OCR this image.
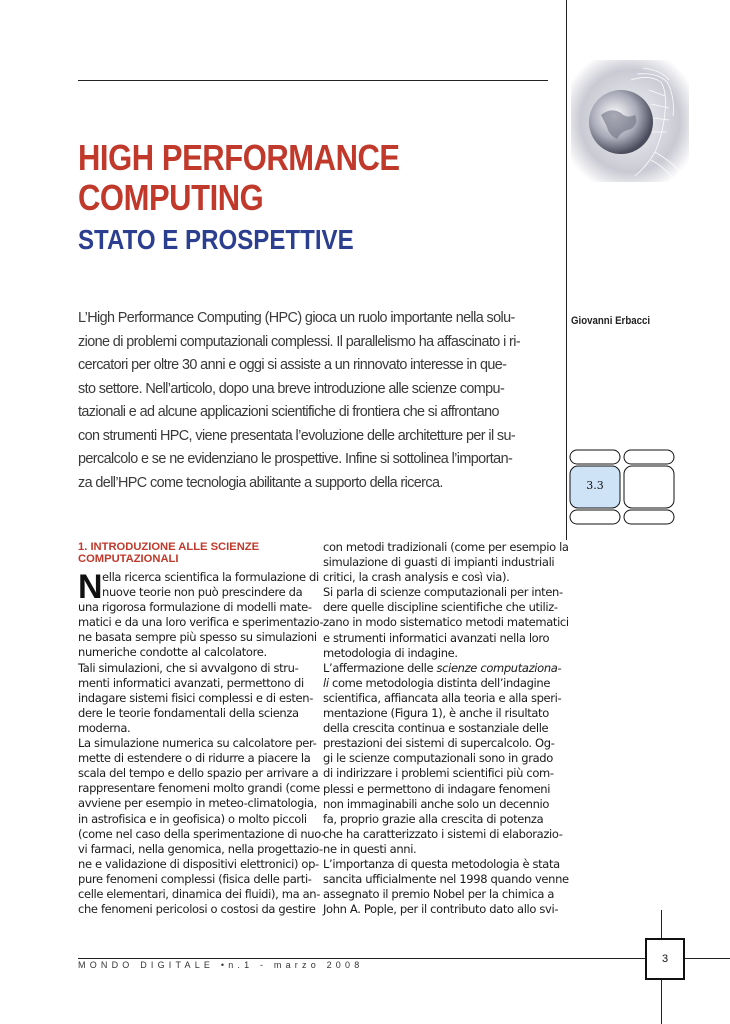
HIGH PERFORMANCE
COMPUTING
STATO E PROSPETTIVE
L’High Performance Computing (HPC) gioca un ruolo importante nella solu-
zione di problemi computazionali complessi. Il parallelismo ha affascinato i ri-
cercatori per oltre 30 anni e oggi si assiste a un rinnovato interesse in que-
sto settore. Nell’articolo, dopo una breve introduzione alle scienze compu-
tazionali e ad alcune applicazioni scientifiche di frontiera che si affrontano
con strumenti HPC, viene presentata l’evoluzione delle architetture per il su-
percalcolo e se ne evidenziano le prospettive. Infine si sottolinea l’importan-
za dell’HPC come tecnologia abilitante a supporto della ricerca.
Giovanni Erbacci
3.3
1. INTRODUZIONE ALLE SCIENZE
COMPUTAZIONALI
N ella ricerca scientifica la formulazione di
nuove teorie non può prescindere da
una rigorosa formulazione di modelli mate-
matici e da una loro verifica e sperimentazio-
ne basata sempre più spesso su simulazioni
numeriche condotte al calcolatore.
Tali simulazioni, che si avvalgono di stru-
menti informatici avanzati, permettono di
indagare sistemi fisici complessi e di esten-
dere le teorie fondamentali della scienza
moderna.
La simulazione numerica su calcolatore per-
mette di estendere o di ridurre a piacere la
scala del tempo e dello spazio per arrivare a
rappresentare fenomeni molto grandi (come
avviene per esempio in meteo-climatologia,
in astrofisica e in geofisica) o molto piccoli
(come nel caso della sperimentazione di nuo-
vi farmaci, nella genomica, nella progettazio-
ne e validazione di dispositivi elettronici) op-
pure fenomeni complessi (fisica delle parti-
celle elementari, dinamica dei fluidi), ma an-
che fenomeni pericolosi o costosi da gestire
con metodi tradizionali (come per esempio la
simulazione di guasti di impianti industriali
critici, la crash analysis e così via).
Si parla di scienze computazionali per inten-
dere quelle discipline scientifiche che utiliz-
zano in modo sistematico metodi matematici
e strumenti informatici avanzati nella loro
metodologia di indagine.
L’affermazione delle scienze computaziona-
li come metodologia distinta dell’indagine
scientifica, affiancata alla teoria e alla speri-
mentazione (Figura 1), è anche il risultato
della crescita continua e sostanziale delle
prestazioni dei sistemi di supercalcolo. Og-
gi le scienze computazionali sono in grado
di indirizzare i problemi scientifici più com-
plessi e permettono di indagare fenomeni
non immaginabili anche solo un decennio
fa, proprio grazie alla crescita di potenza
che ha caratterizzato i sistemi di elaborazio-
ne in questi anni.
L’importanza di questa metodologia è stata
sancita ufficialmente nel 1998 quando venne
assegnato il premio Nobel per la chimica a
John A. Pople, per il contributo dato allo svi-
MONDO DIGITALE •n.1 - marzo 2008	3
